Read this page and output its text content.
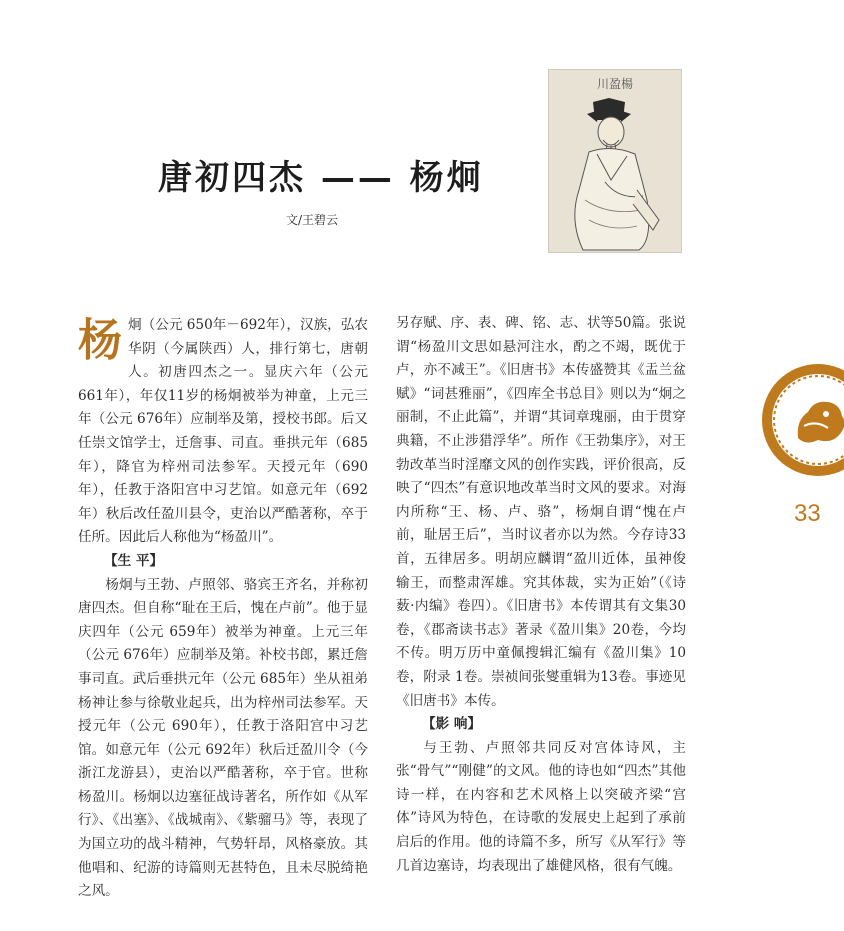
唐初四杰 —— 杨炯
文/王碧云
川盈楊
杨 炯（公元 650年－692年），汉族，弘农华阴（今属陕西）人，排行第七，唐朝 人。初唐四杰之一。显庆六年（公元 661年），年仅11岁的杨炯被举为神童，上元三年（公元 676年）应制举及第，授校书郎。后又任崇文馆学士，迁詹事、司直。垂拱元年（685年），降官为梓州司法参军。天授元年（690年），任教于洛阳宫中习艺馆。如意元年（692年）秋后改任盈川县令，吏治以严酷著称，卒于任所。因此后人称他为“杨盈川”。

【生 平】

杨炯与王勃、卢照邻、骆宾王齐名，并称初唐四杰。但自称“耻在王后，愧在卢前”。他于显庆四年（公元 659年）被举为神童。上元三年（公元 676年）应制举及第。补校书郎，累迁詹事司直。武后垂拱元年（公元 685年）坐从祖弟杨神让参与徐敬业起兵，出为梓州司法参军。天授元年（公元 690年），任教于洛阳宫中习艺馆。如意元年（公元 692年）秋后迁盈川令（今浙江龙游县），吏治以严酷著称，卒于官。世称杨盈川。杨炯以边塞征战诗著名，所作如《从军行》、《出塞》、《战城南》、《紫骝马》等，表现了为国立功的战斗精神，气势轩昂，风格豪放。其他唱和、纪游的诗篇则无甚特色，且未尽脱绮艳之风。

另存赋、序、表、碑、铭、志、状等50篇。张说谓“杨盈川文思如悬河注水，酌之不竭，既优于卢，亦不减王”。《旧唐书》本传盛赞其《盂兰盆赋》“词甚雅丽”，《四库全书总目》则以为“炯之丽制，不止此篇”，并谓“其词章瑰丽，由于贯穿典籍，不止涉猎浮华”。所作《王勃集序》，对王勃改革当时淫靡文风的创作实践，评价很高，反映了“四杰”有意识地改革当时文风的要求。对海内所称“王、杨、卢、骆”，杨炯自谓“愧在卢前，耻居王后”，当时议者亦以为然。今存诗33首，五律居多。明胡应麟谓“盈川近体，虽神俊输王，而整肃浑雄。究其体裁，实为正始”（《诗薮·内编》卷四）。《旧唐书》本传谓其有文集30卷，《郡斋读书志》著录《盈川集》20卷，今均不传。明万历中童佩搜辑汇编有《盈川集》10卷，附录 1卷。崇祯间张燮重辑为13卷。事迹见《旧唐书》本传。

【影 响】

与王勃、卢照邻共同反对宫体诗风，主张“骨气”“刚健”的文风。他的诗也如“四杰”其他诗一样，在内容和艺术风格上以突破齐梁“宫体”诗风为特色，在诗歌的发展史上起到了承前启后的作用。他的诗篇不多，所写《从军行》等几首边塞诗，均表现出了雄健风格，很有气魄。

33
